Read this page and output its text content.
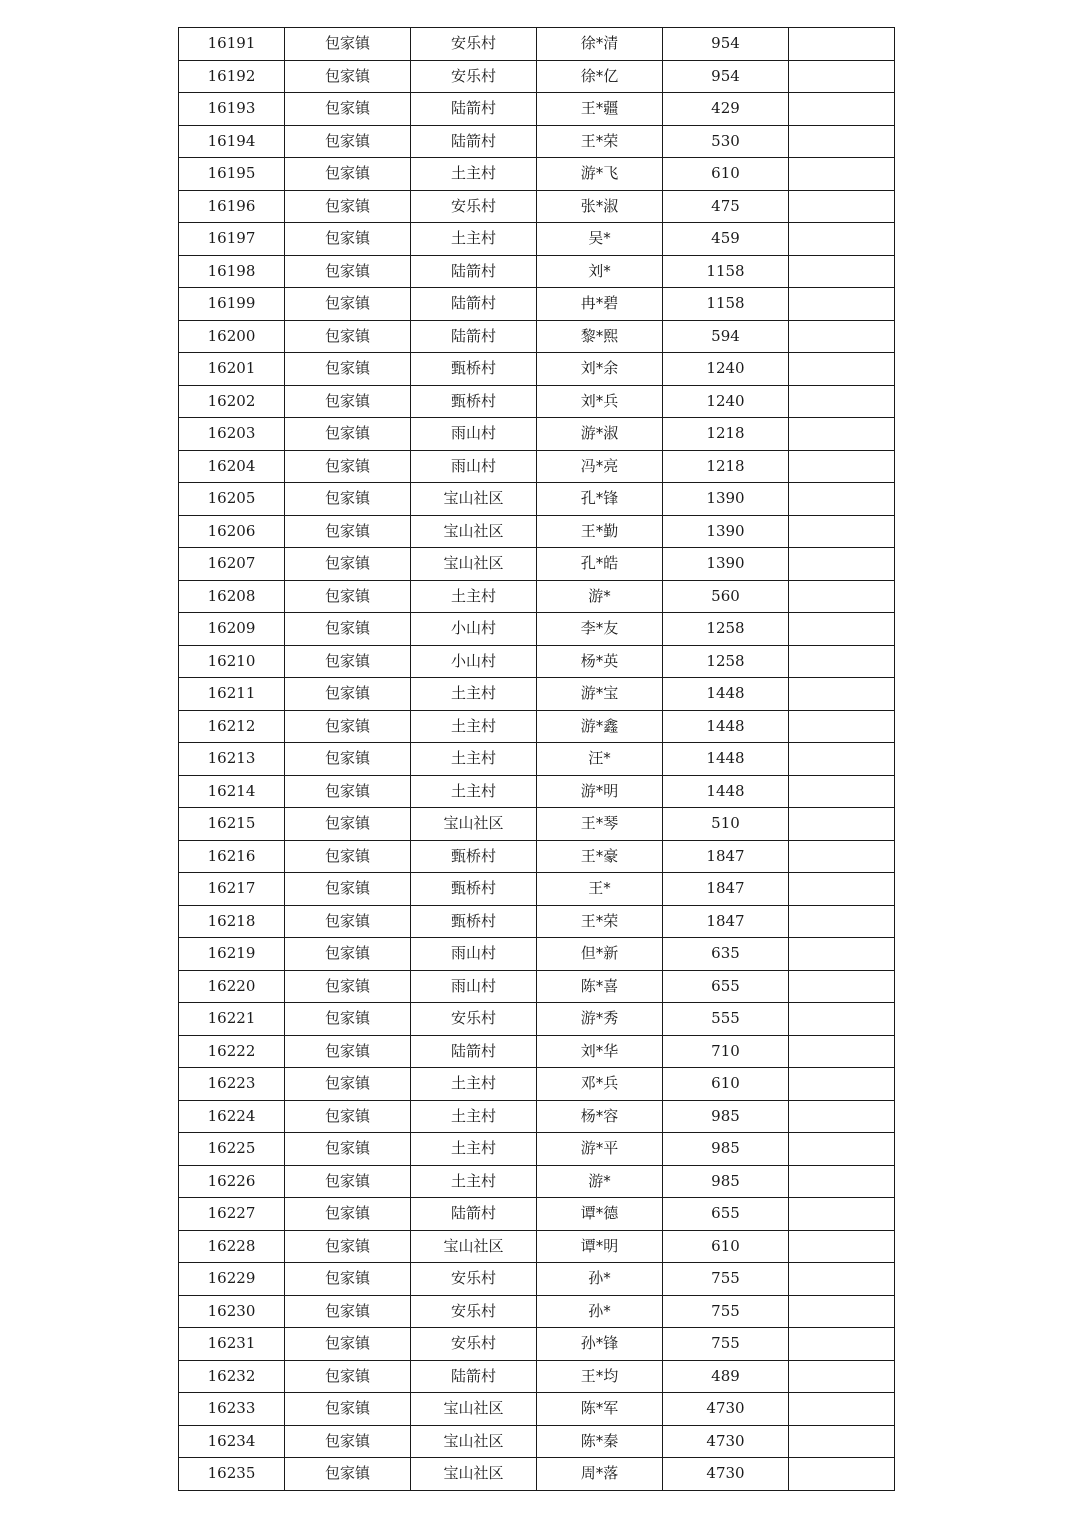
16191	包家镇	安乐村	徐*清	954	
16192	包家镇	安乐村	徐*亿	954	
16193	包家镇	陆箭村	王*疆	429	
16194	包家镇	陆箭村	王*荣	530	
16195	包家镇	土主村	游*飞	610	
16196	包家镇	安乐村	张*淑	475	
16197	包家镇	土主村	吴*	459	
16198	包家镇	陆箭村	刘*	1158	
16199	包家镇	陆箭村	冉*碧	1158	
16200	包家镇	陆箭村	黎*熙	594	
16201	包家镇	甄桥村	刘*余	1240	
16202	包家镇	甄桥村	刘*兵	1240	
16203	包家镇	雨山村	游*淑	1218	
16204	包家镇	雨山村	冯*亮	1218	
16205	包家镇	宝山社区	孔*锋	1390	
16206	包家镇	宝山社区	王*勤	1390	
16207	包家镇	宝山社区	孔*皓	1390	
16208	包家镇	土主村	游*	560	
16209	包家镇	小山村	李*友	1258	
16210	包家镇	小山村	杨*英	1258	
16211	包家镇	土主村	游*宝	1448	
16212	包家镇	土主村	游*鑫	1448	
16213	包家镇	土主村	汪*	1448	
16214	包家镇	土主村	游*明	1448	
16215	包家镇	宝山社区	王*琴	510	
16216	包家镇	甄桥村	王*豪	1847	
16217	包家镇	甄桥村	王*	1847	
16218	包家镇	甄桥村	王*荣	1847	
16219	包家镇	雨山村	但*新	635	
16220	包家镇	雨山村	陈*喜	655	
16221	包家镇	安乐村	游*秀	555	
16222	包家镇	陆箭村	刘*华	710	
16223	包家镇	土主村	邓*兵	610	
16224	包家镇	土主村	杨*容	985	
16225	包家镇	土主村	游*平	985	
16226	包家镇	土主村	游*	985	
16227	包家镇	陆箭村	谭*德	655	
16228	包家镇	宝山社区	谭*明	610	
16229	包家镇	安乐村	孙*	755	
16230	包家镇	安乐村	孙*	755	
16231	包家镇	安乐村	孙*锋	755	
16232	包家镇	陆箭村	王*均	489	
16233	包家镇	宝山社区	陈*军	4730	
16234	包家镇	宝山社区	陈*秦	4730	
16235	包家镇	宝山社区	周*落	4730	
